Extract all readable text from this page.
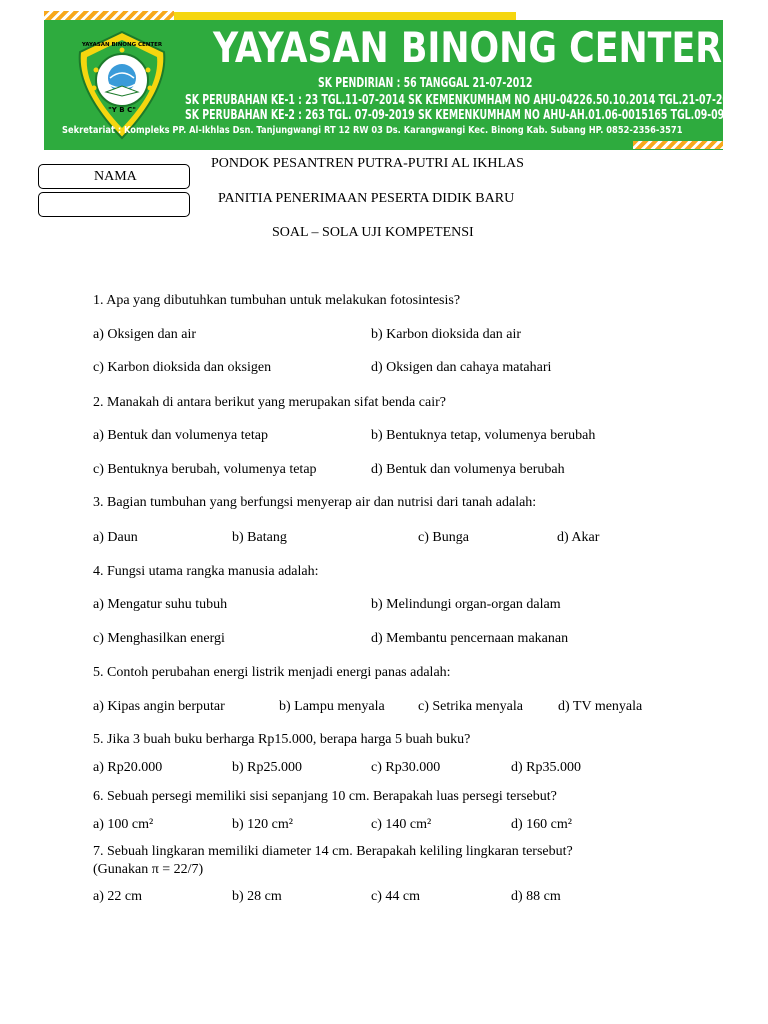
YAYASAN BINONG CENTER
"Y B C"
YAYASAN BINONG CENTER
SK PENDIRIAN : 56 TANGGAL 21-07-2012
SK PERUBAHAN KE-1 : 23 TGL.11-07-2014 SK KEMENKUMHAM NO AHU-04226.50.10.2014 TGL.21-07-2014
SK PERUBAHAN KE-2 : 263 TGL. 07-09-2019 SK KEMENKUMHAM NO AHU-AH.01.06-0015165 TGL.09-09-2019
Sekretariat : Kompleks PP. Al-Ikhlas Dsn. Tanjungwangi RT 12 RW 03 Ds. Karangwangi Kec. Binong Kab. Subang HP. 0852-2356-3571
NAMA
PONDOK PESANTREN PUTRA-PUTRI AL IKHLAS
PANITIA PENERIMAAN PESERTA DIDIK BARU
SOAL – SOLA UJI KOMPETENSI
1. Apa yang dibutuhkan tumbuhan untuk melakukan fotosintesis?
a) Oksigen dan air	b) Karbon dioksida dan air
c) Karbon dioksida dan oksigen	d) Oksigen dan cahaya matahari
2. Manakah di antara berikut yang merupakan sifat benda cair?
a) Bentuk dan volumenya tetap	b) Bentuknya tetap, volumenya berubah
c) Bentuknya berubah, volumenya tetap	d) Bentuk dan volumenya berubah
3. Bagian tumbuhan yang berfungsi menyerap air dan nutrisi dari tanah adalah:
a) Daun	b) Batang	c) Bunga	d) Akar
4. Fungsi utama rangka manusia adalah:
a) Mengatur suhu tubuh	b) Melindungi organ-organ dalam
c) Menghasilkan energi	d) Membantu pencernaan makanan
5. Contoh perubahan energi listrik menjadi energi panas adalah:
a) Kipas angin berputar	b) Lampu menyala c) Setrika menyala	d) TV menyala
5. Jika 3 buah buku berharga Rp15.000, berapa harga 5 buah buku?
a) Rp20.000	b) Rp25.000	c) Rp30.000	d) Rp35.000
6. Sebuah persegi memiliki sisi sepanjang 10 cm. Berapakah luas persegi tersebut?
a) 100 cm²	b) 120 cm²	c) 140 cm²	d) 160 cm²
7. Sebuah lingkaran memiliki diameter 14 cm. Berapakah keliling lingkaran tersebut?
(Gunakan π = 22/7)
a) 22 cm	b) 28 cm	c) 44 cm	d) 88 cm
